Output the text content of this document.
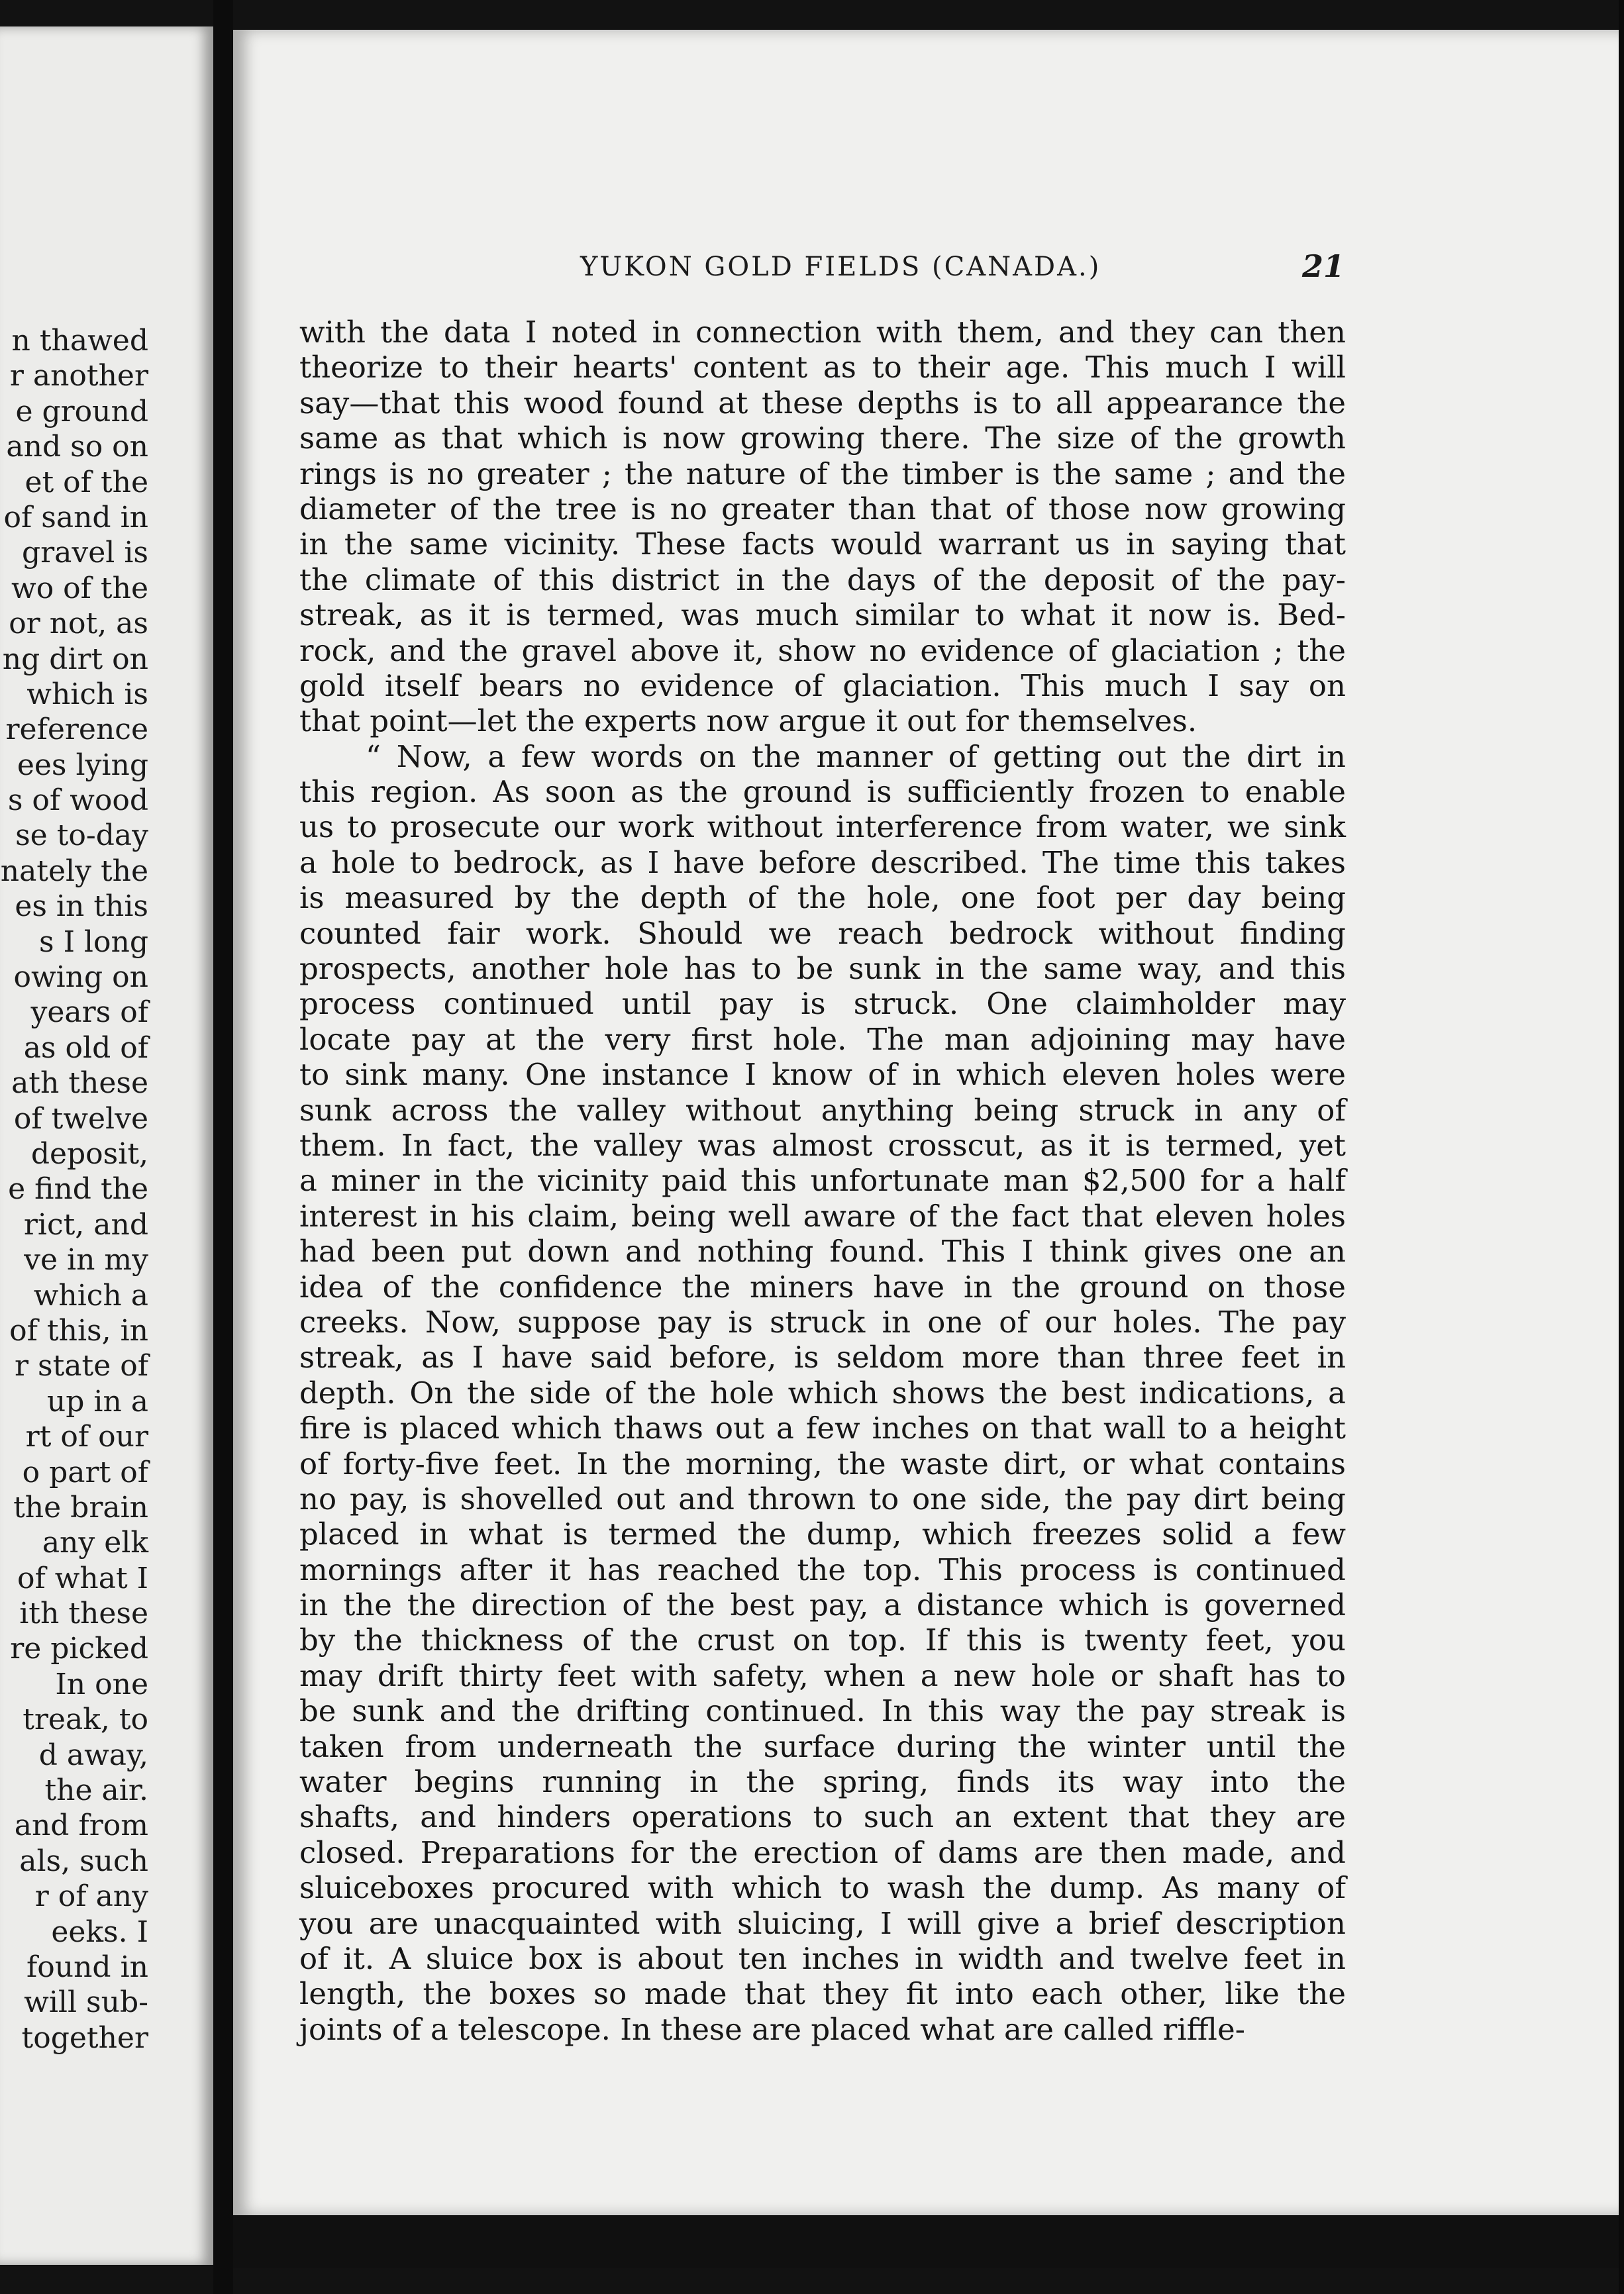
n thawed
r another
e ground
and so on
et of the
of sand in
gravel is
wo of the
or not, as
ng dirt on
which is
reference
ees lying
s of wood
se to-day
nately the
es in this
s I long
owing on
years of
as old of
ath these
of twelve
deposit,
e find the
rict, and
ve in my
which a
of this, in
r state of
up in a
rt of our
o part of
the brain
any elk
of what I
ith these
re picked
In one
treak, to
d away,
the air.
and from
als, such
r of any
eeks. I
found in
will sub-
together
YUKON GOLD FIELDS (CANADA.)	21
with the data I noted in connection with them, and they can then
theorize to their hearts' content as to their age. This much I will
say—that this wood found at these depths is to all appearance the
same as that which is now growing there. The size of the growth
rings is no greater ; the nature of the timber is the same ; and the
diameter of the tree is no greater than that of those now growing
in the same vicinity. These facts would warrant us in saying that
the climate of this district in the days of the deposit of the pay-
streak, as it is termed, was much similar to what it now is. Bed-
rock, and the gravel above it, show no evidence of glaciation ; the
gold itself bears no evidence of glaciation. This much I say on
that point—let the experts now argue it out for themselves.
“ Now, a few words on the manner of getting out the dirt in
this region. As soon as the ground is sufficiently frozen to enable
us to prosecute our work without interference from water, we sink
a hole to bedrock, as I have before described. The time this takes
is measured by the depth of the hole, one foot per day being
counted fair work. Should we reach bedrock without finding
prospects, another hole has to be sunk in the same way, and this
process continued until pay is struck. One claimholder may
locate pay at the very first hole. The man adjoining may have
to sink many. One instance I know of in which eleven holes were
sunk across the valley without anything being struck in any of
them. In fact, the valley was almost crosscut, as it is termed, yet
a miner in the vicinity paid this unfortunate man $2,500 for a half
interest in his claim, being well aware of the fact that eleven holes
had been put down and nothing found. This I think gives one an
idea of the confidence the miners have in the ground on those
creeks. Now, suppose pay is struck in one of our holes. The pay
streak, as I have said before, is seldom more than three feet in
depth. On the side of the hole which shows the best indications, a
fire is placed which thaws out a few inches on that wall to a height
of forty-five feet. In the morning, the waste dirt, or what contains
no pay, is shovelled out and thrown to one side, the pay dirt being
placed in what is termed the dump, which freezes solid a few
mornings after it has reached the top. This process is continued
in the the direction of the best pay, a distance which is governed
by the thickness of the crust on top. If this is twenty feet, you
may drift thirty feet with safety, when a new hole or shaft has to
be sunk and the drifting continued. In this way the pay streak is
taken from underneath the surface during the winter until the
water begins running in the spring, finds its way into the
shafts, and hinders operations to such an extent that they are
closed. Preparations for the erection of dams are then made, and
sluiceboxes procured with which to wash the dump. As many of
you are unacquainted with sluicing, I will give a brief description
of it. A sluice box is about ten inches in width and twelve feet in
length, the boxes so made that they fit into each other, like the
joints of a telescope. In these are placed what are called riffle-
